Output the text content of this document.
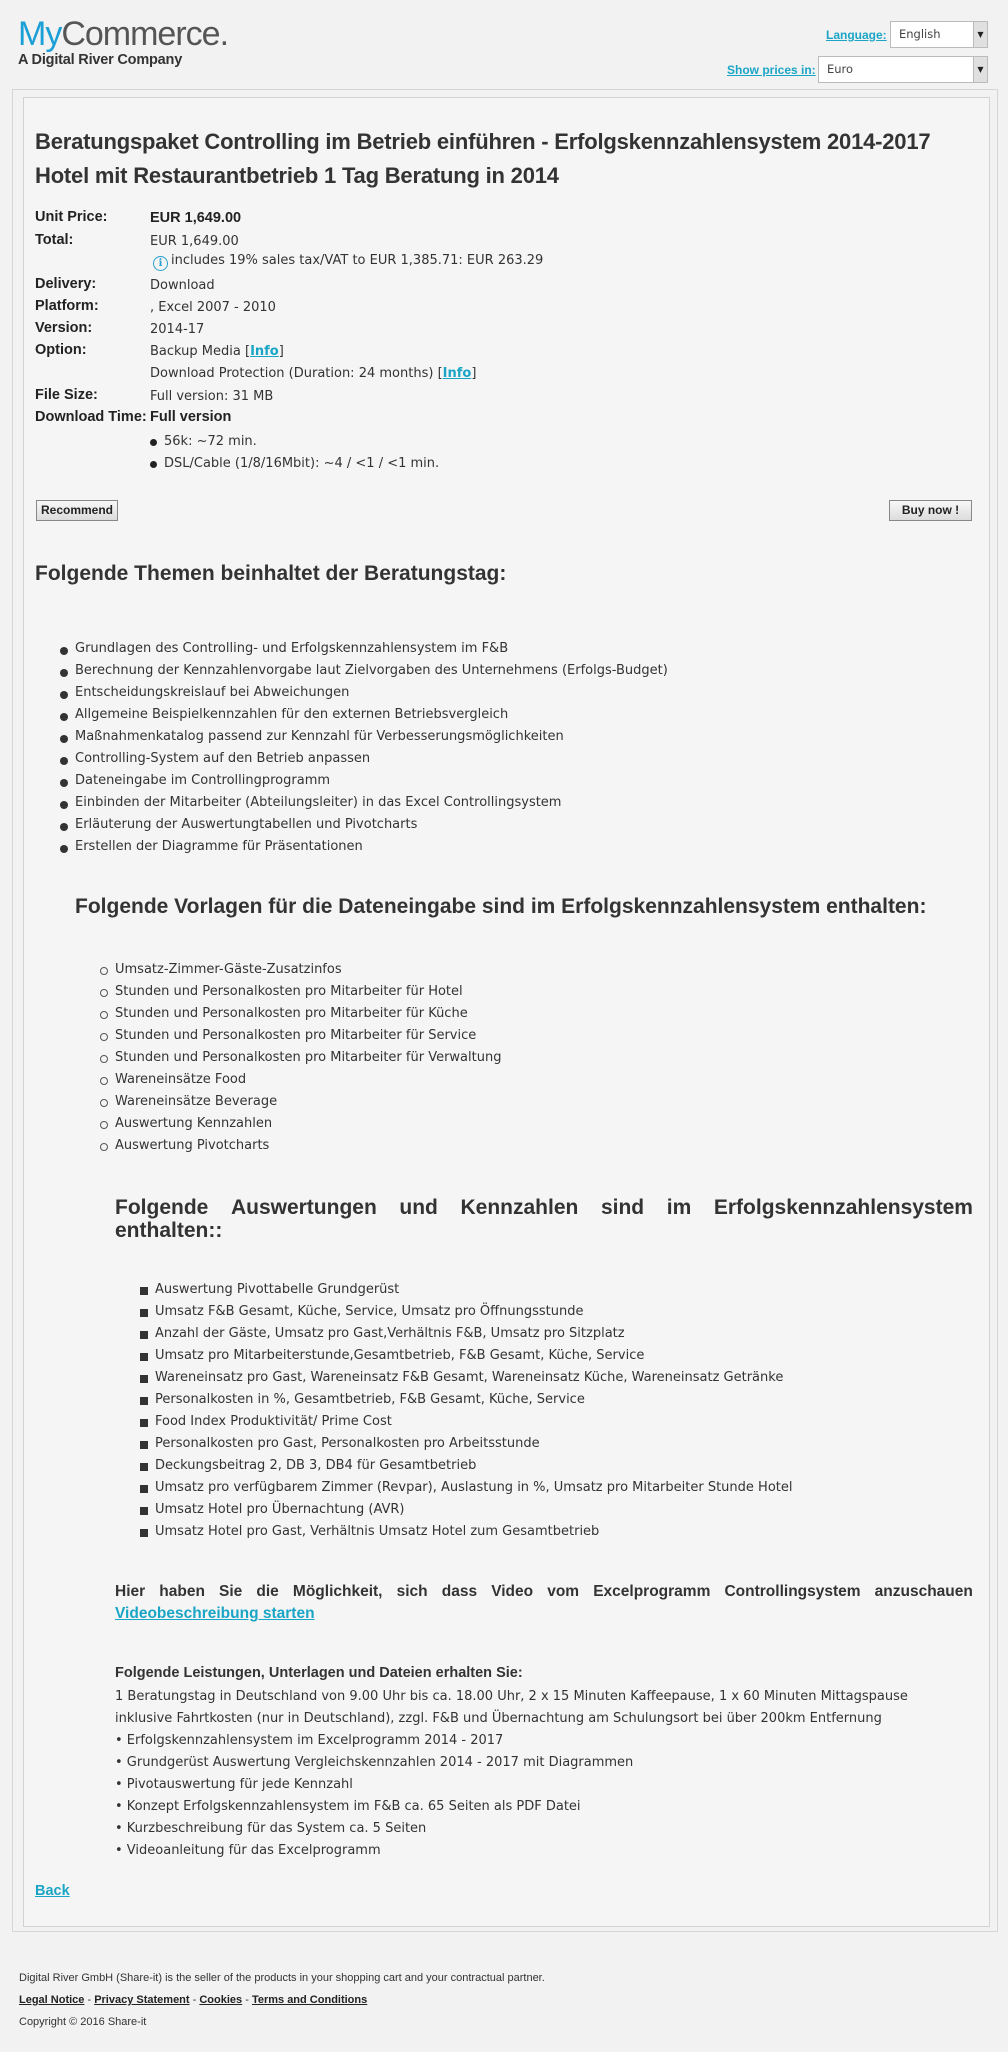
MyCommerce.
A Digital River Company
Language:	English	▼
Show prices in: Euro	▼
Beratungspaket Controlling im Betrieb einführen - Erfolgskennzahlensystem 2014-2017
Hotel mit Restaurantbetrieb 1 Tag Beratung in 2014
Unit Price:	EUR 1,649.00
Total:	EUR 1,649.00
i includes 19% sales tax/VAT to EUR 1,385.71: EUR 263.29
Delivery:	Download
Platform:	, Excel 2007 - 2010
Version:	2014-17
Option:	Backup Media [Info]
Download Protection (Duration: 24 months) [Info]
File Size:	Full version: 31 MB
Download Time: Full version
56k: ~72 min.
DSL/Cable (1/8/16Mbit): ~4 / <1 / <1 min.
Recommend	Buy now !
Folgende Themen beinhaltet der Beratungstag:
Grundlagen des Controlling- und Erfolgskennzahlensystem im F&B
Berechnung der Kennzahlenvorgabe laut Zielvorgaben des Unternehmens (Erfolgs-Budget)
Entscheidungskreislauf bei Abweichungen
Allgemeine Beispielkennzahlen für den externen Betriebsvergleich
Maßnahmenkatalog passend zur Kennzahl für Verbesserungsmöglichkeiten
Controlling-System auf den Betrieb anpassen
Dateneingabe im Controllingprogramm
Einbinden der Mitarbeiter (Abteilungsleiter) in das Excel Controllingsystem
Erläuterung der Auswertungtabellen und Pivotcharts
Erstellen der Diagramme für Präsentationen
Folgende Vorlagen für die Dateneingabe sind im Erfolgskennzahlensystem enthalten:
Umsatz-Zimmer-Gäste-Zusatzinfos
Stunden und Personalkosten pro Mitarbeiter für Hotel
Stunden und Personalkosten pro Mitarbeiter für Küche
Stunden und Personalkosten pro Mitarbeiter für Service
Stunden und Personalkosten pro Mitarbeiter für Verwaltung
Wareneinsätze Food
Wareneinsätze Beverage
Auswertung Kennzahlen
Auswertung Pivotcharts
Folgende Auswertungen und Kennzahlen sind im Erfolgskennzahlensystem
enthalten::
Auswertung Pivottabelle Grundgerüst
Umsatz F&B Gesamt, Küche, Service, Umsatz pro Öffnungsstunde
Anzahl der Gäste, Umsatz pro Gast,Verhältnis F&B, Umsatz pro Sitzplatz
Umsatz pro Mitarbeiterstunde,Gesamtbetrieb, F&B Gesamt, Küche, Service
Wareneinsatz pro Gast, Wareneinsatz F&B Gesamt, Wareneinsatz Küche, Wareneinsatz Getränke
Personalkosten in %, Gesamtbetrieb, F&B Gesamt, Küche, Service
Food Index Produktivität/ Prime Cost
Personalkosten pro Gast, Personalkosten pro Arbeitsstunde
Deckungsbeitrag 2, DB 3, DB4 für Gesamtbetrieb
Umsatz pro verfügbarem Zimmer (Revpar), Auslastung in %, Umsatz pro Mitarbeiter Stunde Hotel
Umsatz Hotel pro Übernachtung (AVR)
Umsatz Hotel pro Gast, Verhältnis Umsatz Hotel zum Gesamtbetrieb
Hier haben Sie die Möglichkeit, sich dass Video vom Excelprogramm Controllingsystem anzuschauen
Videobeschreibung starten
Folgende Leistungen, Unterlagen und Dateien erhalten Sie:
1 Beratungstag in Deutschland von 9.00 Uhr bis ca. 18.00 Uhr, 2 x 15 Minuten Kaffeepause, 1 x 60 Minuten Mittagspause
inklusive Fahrtkosten (nur in Deutschland), zzgl. F&B und Übernachtung am Schulungsort bei über 200km Entfernung
• Erfolgskennzahlensystem im Excelprogramm 2014 - 2017
• Grundgerüst Auswertung Vergleichskennzahlen 2014 - 2017 mit Diagrammen
• Pivotauswertung für jede Kennzahl
• Konzept Erfolgskennzahlensystem im F&B ca. 65 Seiten als PDF Datei
• Kurzbeschreibung für das System ca. 5 Seiten
• Videoanleitung für das Excelprogramm
Back
Digital River GmbH (Share-it) is the seller of the products in your shopping cart and your contractual partner.
Legal Notice - Privacy Statement - Cookies - Terms and Conditions
Copyright © 2016 Share-it
